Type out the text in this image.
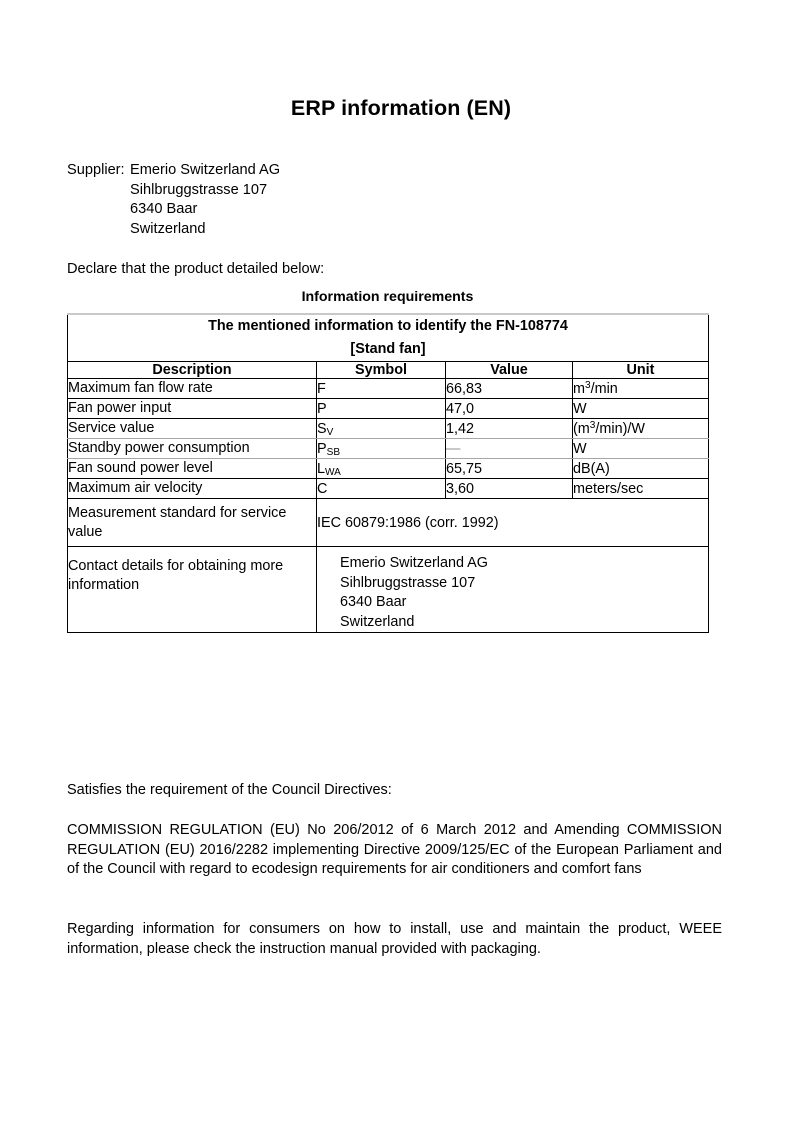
ERP information (EN)
Supplier: Emerio Switzerland AG
Sihlbruggstrasse 107
6340 Baar
Switzerland
Declare that the product detailed below:
Information requirements
The mentioned information to identify the FN-108774
[Stand fan]			

Description	Symbol	Value	Unit
Maximum fan flow rate	F	66,83	$m^3/\min$
Fan power input	P	47,0	W
Service value	$S_V$	1,42	$(m^3/\min)/W$
Standby power consumption	$P_{SB}$	—	W
Fan sound power level	$L_{WA}$	65,75	dB(A)
Maximum air velocity	C	3,60	meters/sec
Measurement standard for service value	IEC 60879:1986 (corr. 1992)		
Contact details for obtaining more information	Emerio Switzerland AG
Sihlbruggstrasse 107
6340 Baar
Switzerland		
Satisfies the requirement of the Council Directives:
COMMISSION REGULATION (EU) No 206/2012 of 6 March 2012 and Amending COMMISSION REGULATION (EU) 2016/2282 implementing Directive 2009/125/EC of the European Parliament and of the Council with regard to ecodesign requirements for air conditioners and comfort fans
Regarding information for consumers on how to install, use and maintain the product, WEEE information, please check the instruction manual provided with packaging.
